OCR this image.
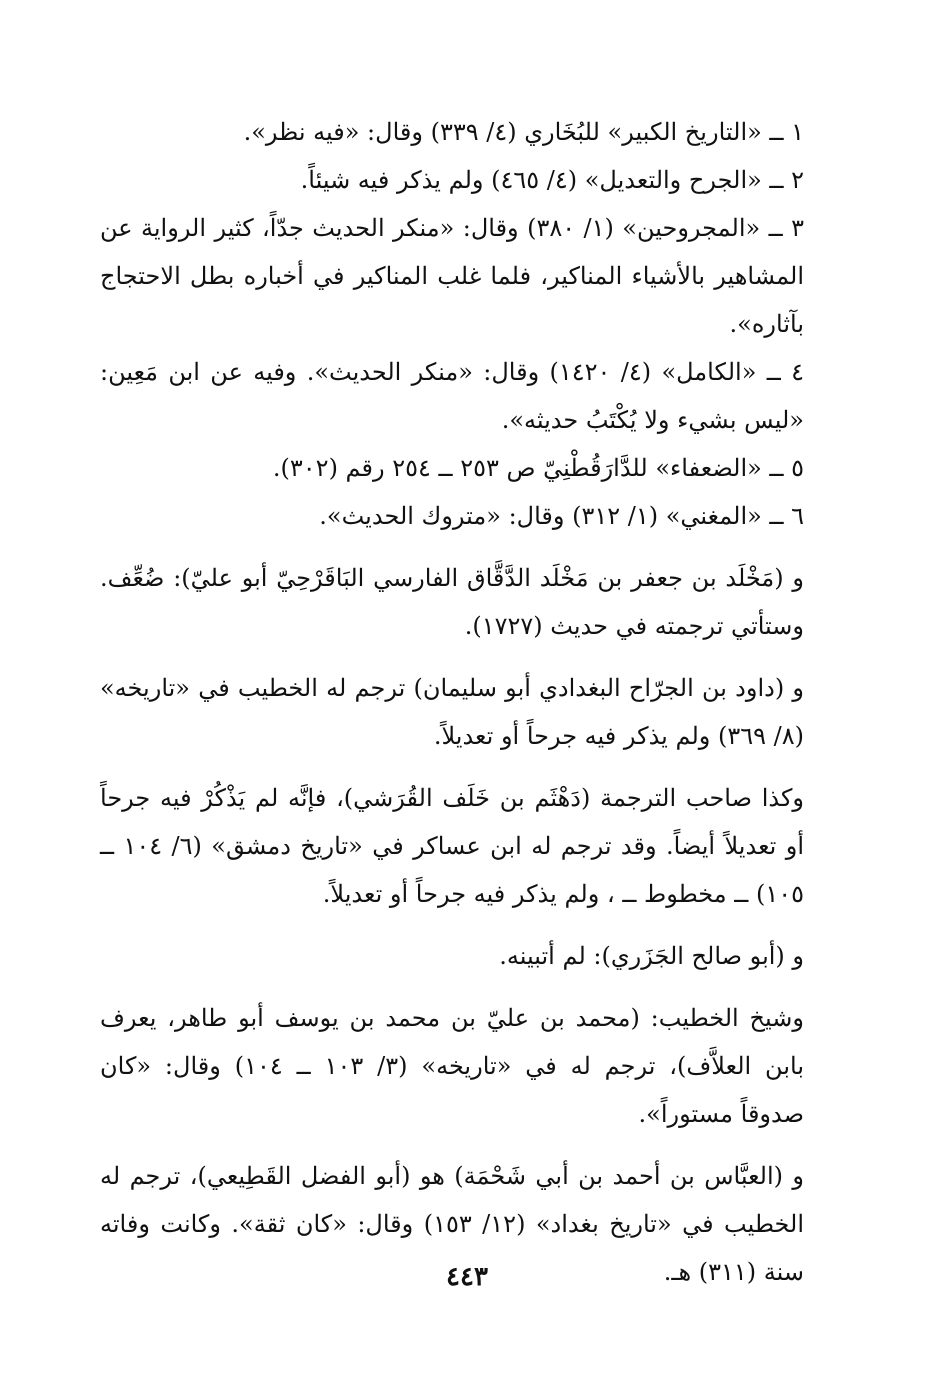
١ ــ «التاريخ الكبير» للبُخَاري (٤/ ٣٣٩) وقال: «فيه نظر».

٢ ــ «الجرح والتعديل» (٤/ ٤٦٥) ولم يذكر فيه شيئاً.

٣ ــ «المجروحين» (١/ ٣٨٠) وقال: «منكر الحديث جدّاً، كثير الرواية عن المشاهير بالأشياء المناكير، فلما غلب المناكير في أخباره بطل الاحتجاج بآثاره».

٤ ــ «الكامل» (٤/ ١٤٢٠) وقال: «منكر الحديث». وفيه عن ابن مَعِين: «ليس بشيء ولا يُكْتَبُ حديثه».

٥ ــ «الضعفاء» للدَّارَقُطْنِيّ ص ٢٥٣ ــ ٢٥٤ رقم (٣٠٢).

٦ ــ «المغني» (١/ ٣١٢) وقال: «متروك الحديث».

و (مَخْلَد بن جعفر بن مَخْلَد الدَّقَّاق الفارسي البَاقَرْحِيّ أبو عليّ): ضُعِّف. وستأتي ترجمته في حديث (١٧٢٧).

و (داود بن الجرّاح البغدادي أبو سليمان) ترجم له الخطيب في «تاريخه» (٨/ ٣٦٩) ولم يذكر فيه جرحاً أو تعديلاً.

وكذا صاحب الترجمة (دَهْثَم بن خَلَف القُرَشي)، فإنَّه لم يَذْكُرْ فيه جرحاً أو تعديلاً أيضاً. وقد ترجم له ابن عساكر في «تاريخ دمشق» (٦/ ١٠٤ ــ ١٠٥) ــ مخطوط ــ ، ولم يذكر فيه جرحاً أو تعديلاً.

و (أبو صالح الجَزَري): لم أتبينه.

وشيخ الخطيب: (محمد بن عليّ بن محمد بن يوسف أبو طاهر، يعرف بابن العلاَّف)، ترجم له في «تاريخه» (٣/ ١٠٣ ــ ١٠٤) وقال: «كان صدوقاً مستوراً».

و (العبَّاس بن أحمد بن أبي شَحْمَة) هو (أبو الفضل القَطِيعي)، ترجم له الخطيب في «تاريخ بغداد» (١٢/ ١٥٣) وقال: «كان ثقة». وكانت وفاته سنة (٣١١) هـ.

٤٤٣
